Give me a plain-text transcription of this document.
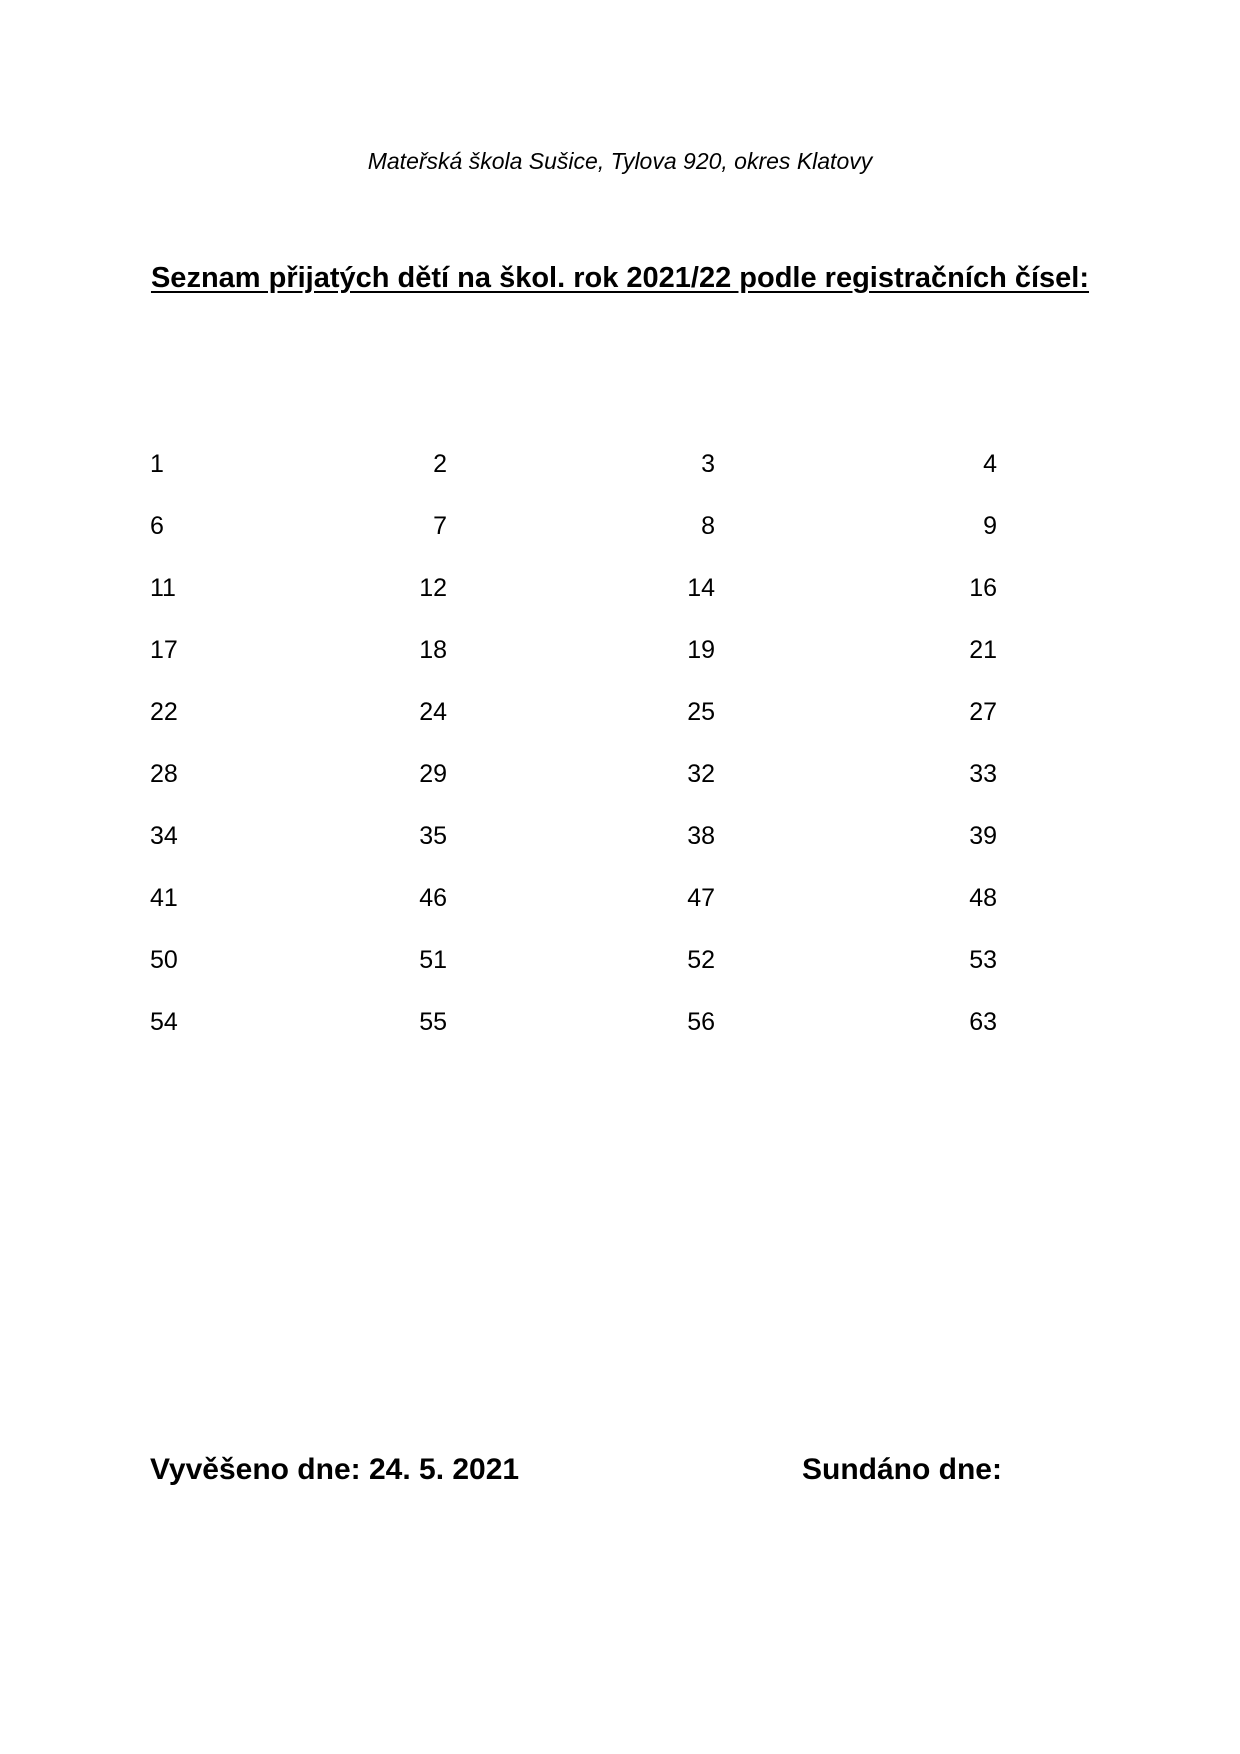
Mateřská škola Sušice, Tylova 920, okres Klatovy
Seznam přijatých dětí na škol. rok 2021/22 podle registračních čísel:
1	2	3	4
6	7	8	9
11	12	14	16
17	18	19	21
22	24	25	27
28	29	32	33
34	35	38	39
41	46	47	48
50	51	52	53
54	55	56	63
Vyvěšeno dne: 24. 5. 2021	Sundáno dne:
